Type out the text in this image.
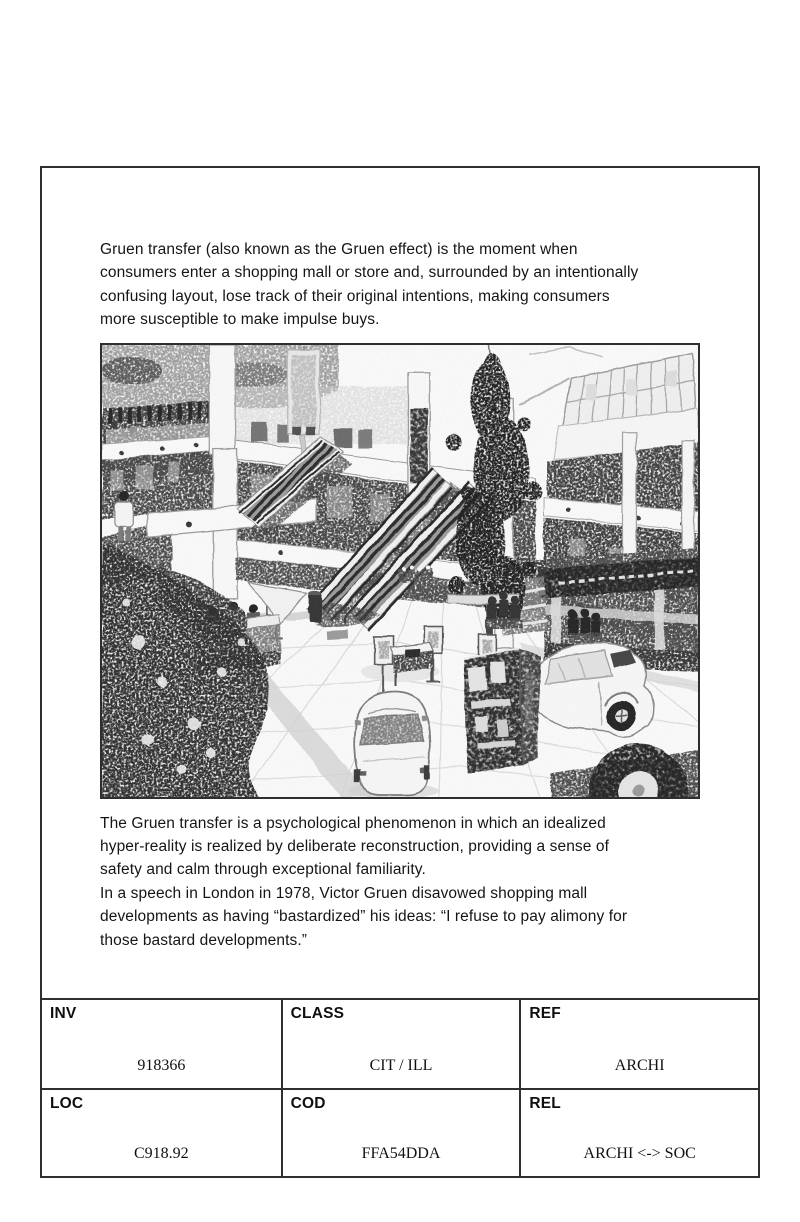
Gruen transfer (also known as the Gruen effect) is the moment when
consumers enter a shopping mall or store and, surrounded by an intentionally
confusing layout, lose track of their original intentions, making consumers
more susceptible to make impulse buys.

The Gruen transfer is a psychological phenomenon in which an idealized
hyper-reality is realized by deliberate reconstruction, providing a sense of
safety and calm through exceptional familiarity.
In a speech in London in 1978, Victor Gruen disavowed shopping mall
developments as having “bastardized” his ideas: “I refuse to pay alimony for
those bastard developments.”

INV
918366
CLASS
CIT / ILL
REF
ARCHI
LOC
C918.92
COD
FFA54DDA
REL
ARCHI <-> SOC
